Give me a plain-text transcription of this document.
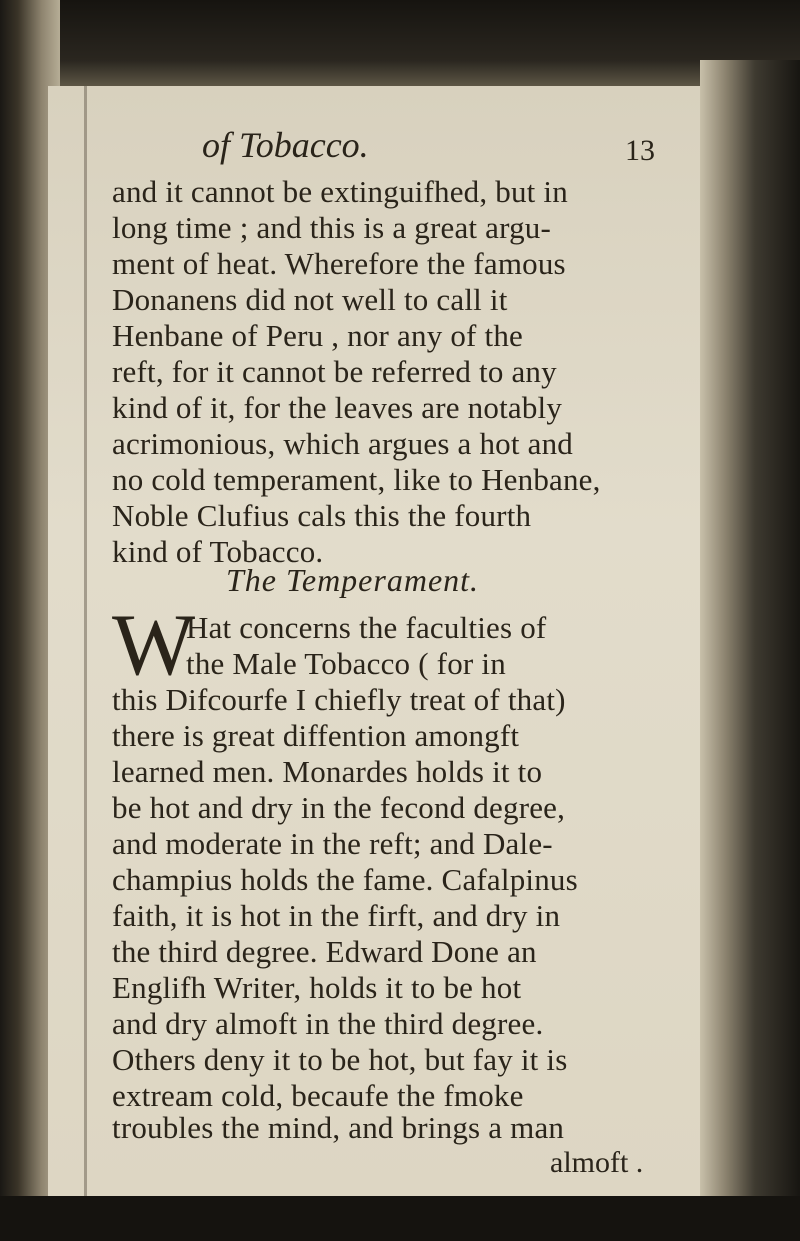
of Tobacco.	13
and it cannot be extinguifhed, but in
long time ; and this is a great argu-
ment of heat. Wherefore the famous
Donanens did not well to call it
Henbane of Peru , nor any of the
reft, for it cannot be referred to any
kind of it, for the leaves are notably
acrimonious, which argues a hot and
no cold temperament, like to Henbane,
Noble Clufius cals this the fourth
kind of Tobacco.
The Temperament.
W
Hat concerns the faculties of
the Male Tobacco ( for in
this Difcourfe I chiefly treat of that)
there is great diffention amongft
learned men. Monardes holds it to
be hot and dry in the fecond degree,
and moderate in the reft; and Dale-
champius holds the fame. Cafalpinus
faith, it is hot in the firft, and dry in
the third degree. Edward Done an
Englifh Writer, holds it to be hot
and dry almoft in the third degree.
Others deny it to be hot, but fay it is
extream cold, becaufe the fmoke
troubles the mind, and brings a man
almoft .
